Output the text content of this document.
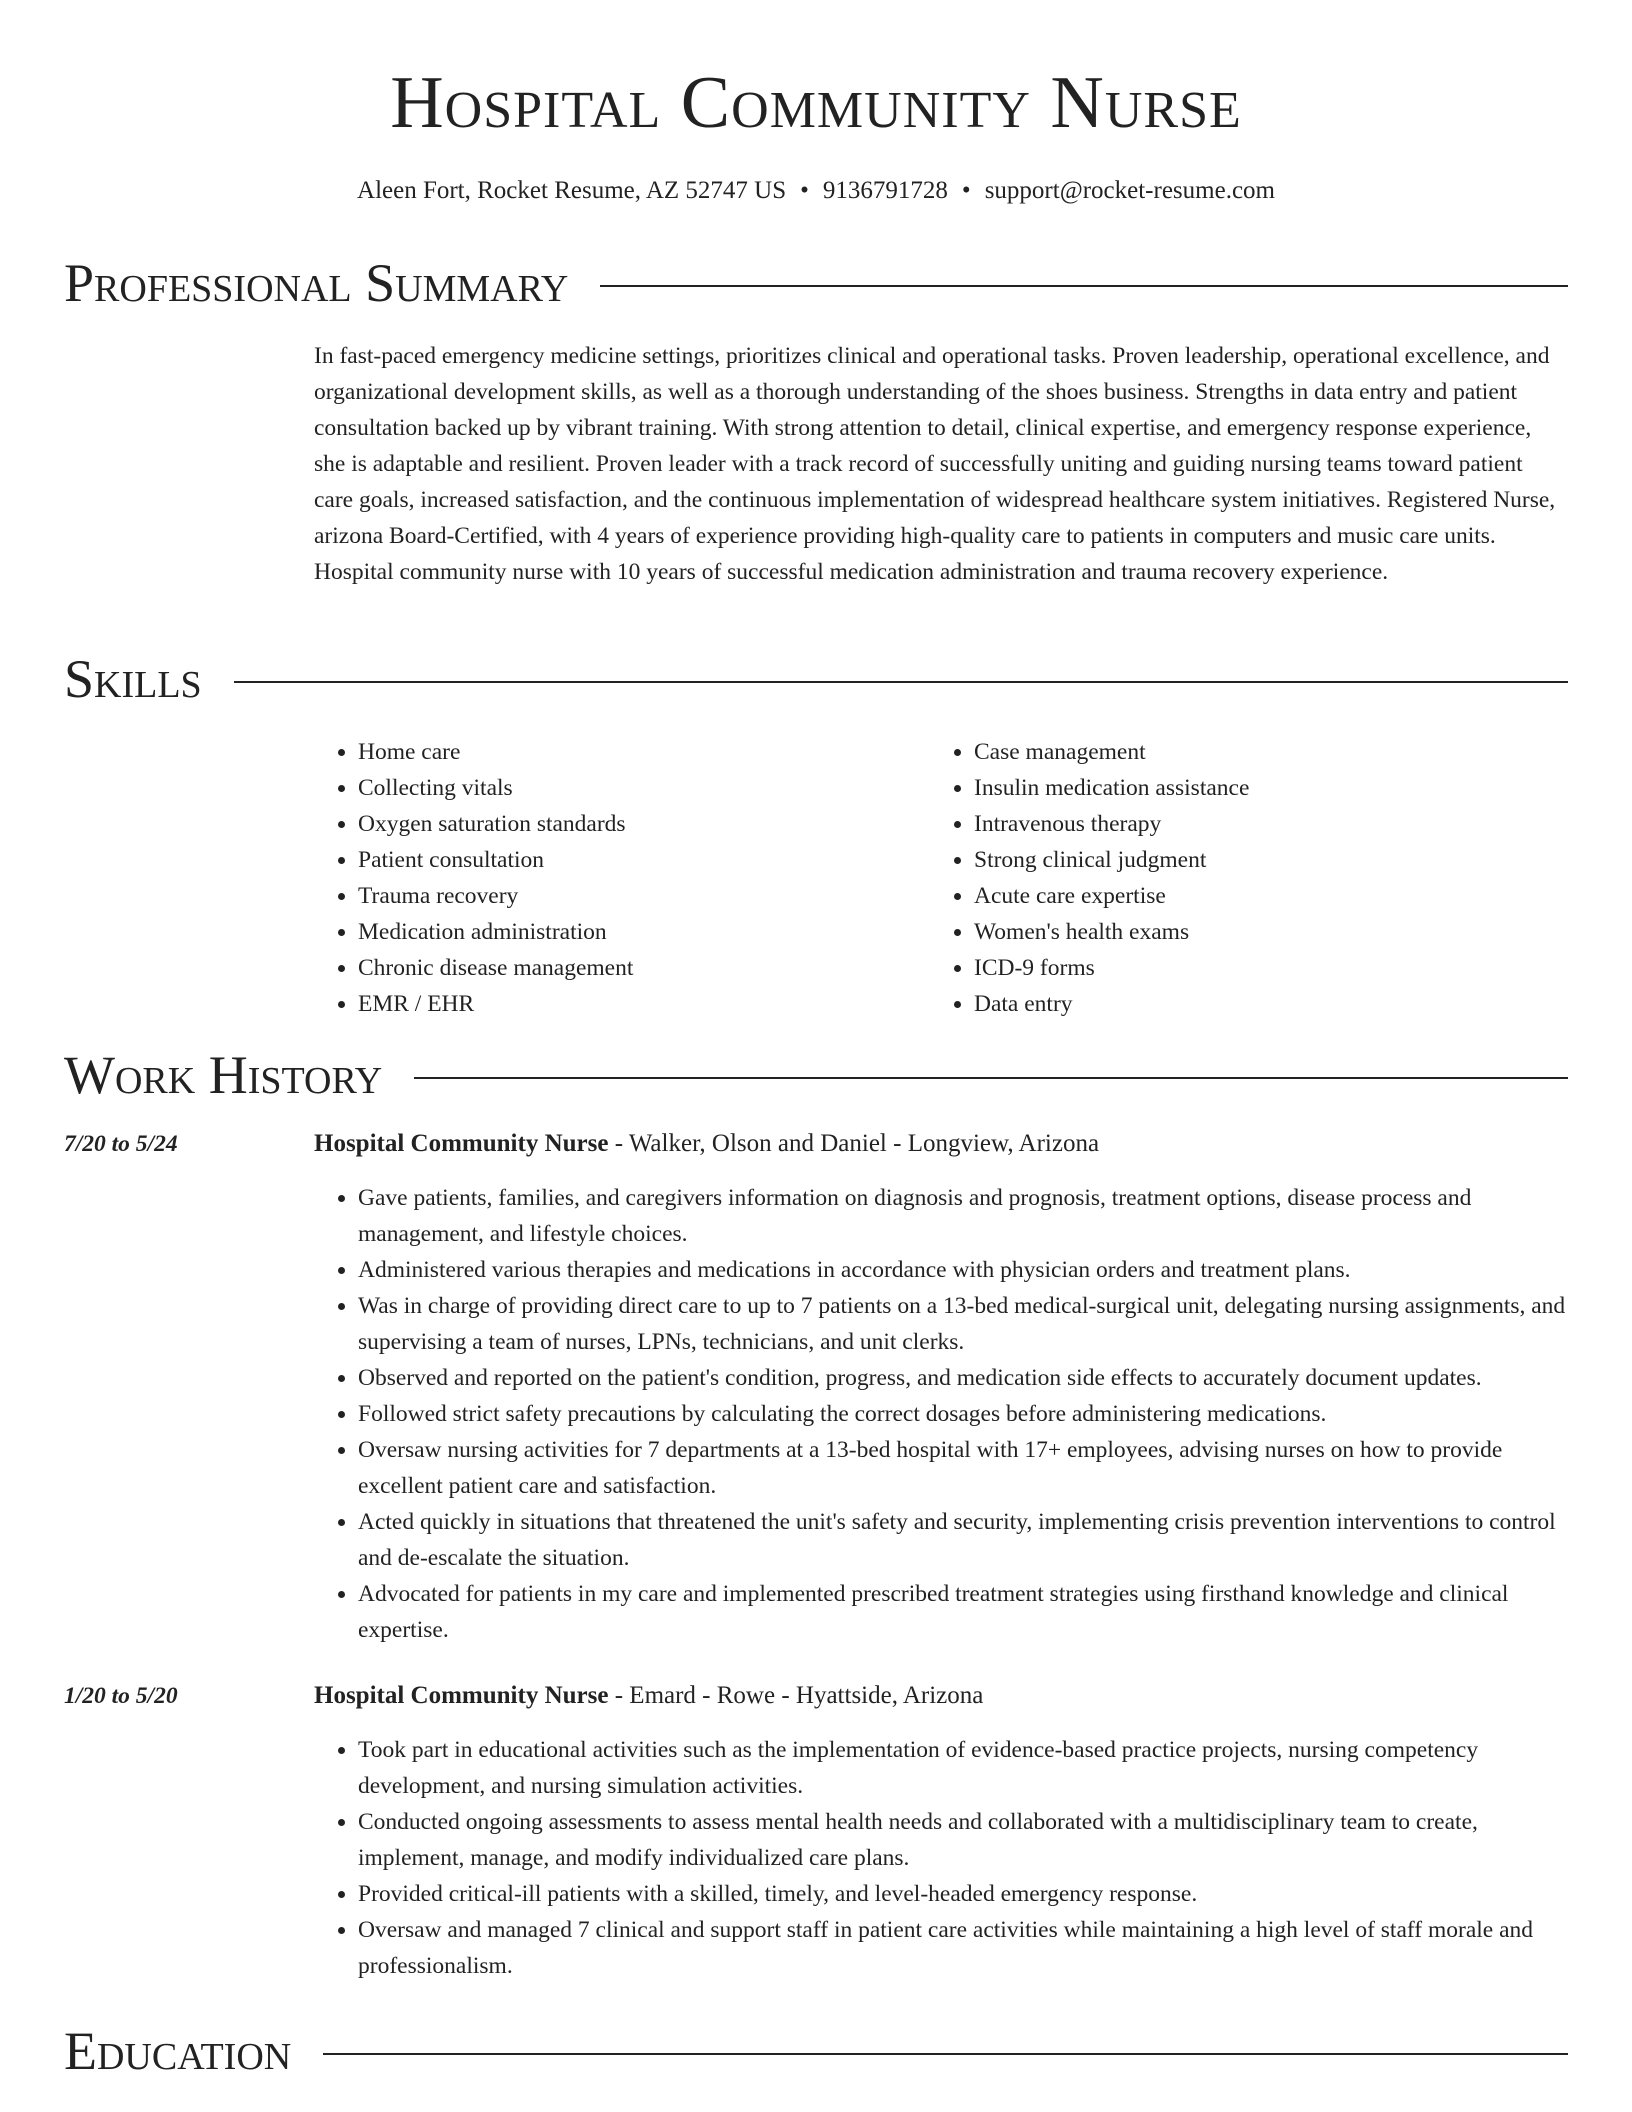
Hospital Community Nurse
Aleen Fort, Rocket Resume, AZ 52747 US • 9136791728 • support@rocket-resume.com
Professional Summary

In fast-paced emergency medicine settings, prioritizes clinical and operational tasks. Proven leadership, operational excellence, and organizational development skills, as well as a thorough understanding of the shoes business. Strengths in data entry and patient consultation backed up by vibrant training. With strong attention to detail, clinical expertise, and emergency response experience, she is adaptable and resilient. Proven leader with a track record of successfully uniting and guiding nursing teams toward patient care goals, increased satisfaction, and the continuous implementation of widespread healthcare system initiatives. Registered Nurse, arizona Board-Certified, with 4 years of experience providing high-quality care to patients in computers and music care units. Hospital community nurse with 10 years of successful medication administration and trauma recovery experience.

Skills
• Home care
• Collecting vitals
• Oxygen saturation standards
• Patient consultation
• Trauma recovery
• Medication administration
• Chronic disease management
• EMR / EHR
• Case management
• Insulin medication assistance
• Intravenous therapy
• Strong clinical judgment
• Acute care expertise
• Women's health exams
• ICD-9 forms
• Data entry
Work History
7/20 to 5/24	Hospital Community Nurse - Walker, Olson and Daniel - Longview, Arizona
• Gave patients, families, and caregivers information on diagnosis and prognosis, treatment options, disease process and management, and lifestyle choices.
• Administered various therapies and medications in accordance with physician orders and treatment plans.
• Was in charge of providing direct care to up to 7 patients on a 13-bed medical-surgical unit, delegating nursing assignments, and supervising a team of nurses, LPNs, technicians, and unit clerks.
• Observed and reported on the patient's condition, progress, and medication side effects to accurately document updates.
• Followed strict safety precautions by calculating the correct dosages before administering medications.
• Oversaw nursing activities for 7 departments at a 13-bed hospital with 17+ employees, advising nurses on how to provide excellent patient care and satisfaction.
• Acted quickly in situations that threatened the unit's safety and security, implementing crisis prevention interventions to control and de-escalate the situation.
• Advocated for patients in my care and implemented prescribed treatment strategies using firsthand knowledge and clinical expertise.
1/20 to 5/20	Hospital Community Nurse - Emard - Rowe - Hyattside, Arizona
• Took part in educational activities such as the implementation of evidence-based practice projects, nursing competency development, and nursing simulation activities.
• Conducted ongoing assessments to assess mental health needs and collaborated with a multidisciplinary team to create, implement, manage, and modify individualized care plans.
• Provided critical-ill patients with a skilled, timely, and level-headed emergency response.
• Oversaw and managed 7 clinical and support staff in patient care activities while maintaining a high level of staff morale and professionalism.
Education
